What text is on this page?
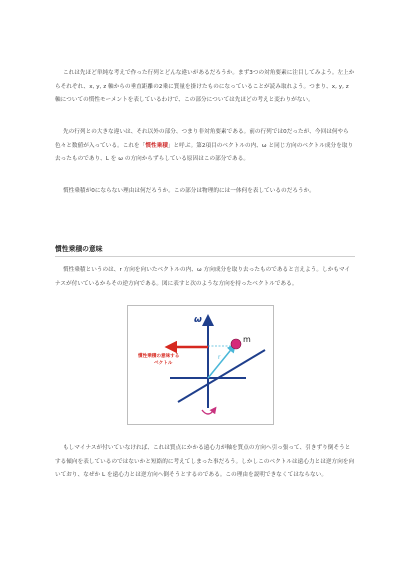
これは先ほど単純な考えで作った行列とどんな違いがあるだろうか。まず3つの対角要素に注目してみよう。左上からそれぞれ、x, y, z 軸からの垂直距離の2乗に質量を掛けたものになっていることが読み取れよう。つまり、x, y, z 軸についての慣性モーメントを表しているわけで、この部分については先ほどの考えと変わりがない。

先の行列との大きな違いは、それ以外の部分、つまり非対角要素である。前の行列では0だったが、今回は何やら色々と数値が入っている。これを「慣性乗積」と呼ぶ。第2項目のベクトルの内、ω と同じ方向のベクトル成分を取り去ったものであり、L を ω の方向からずらしている原因はこの部分である。

慣性乗積が0にならない理由は何だろうか。この部分は物理的には一体何を表しているのだろうか。

慣性乗積の意味

慣性乗積というのは、r 方向を向いたベクトルの内、ω 方向成分を取り去ったものであると言えよう。しかもマイナスが付いているからその逆方向である。図に表すと次のような方向を持ったベクトルである。

ω
m
r
慣性乗積の意味する
ベクトル

もしマイナスが付いていなければ、これは質点にかかる遠心力が軸を質点の方向へ引っ張って、引きずり倒そうとする傾向を表しているのではないかと短絡的に考えてしまった事だろう。しかしこのベクトルは遠心力とは逆方向を向いており、なぜか L を遠心力とは逆方向へ倒そうとするのである。この理由を説明できなくてはならない。
